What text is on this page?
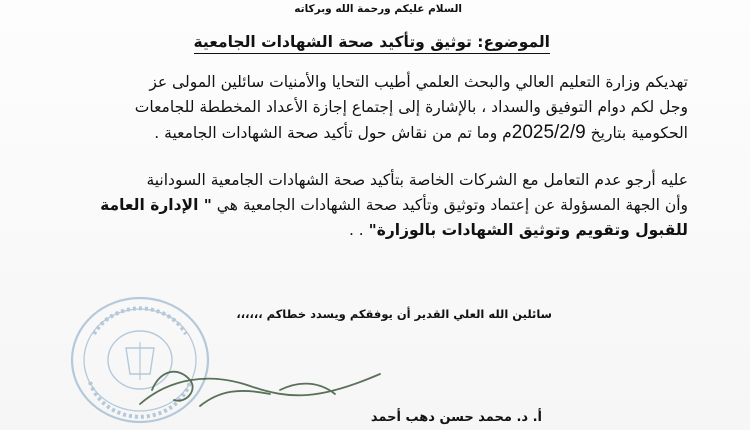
السلام عليكم ورحمة الله وبركاته
الموضوع: توثيق وتأكيد صحة الشهادات الجامعية

تهديكم وزارة التعليم العالي والبحث العلمي أطيب التحايا والأمنيات سائلين المولى عز
وجل لكم دوام التوفيق والسداد ، بالإشارة إلى إجتماع إجازة الأعداد المخططة للجامعات
الحكومية بتاريخ 2025/2/9م وما تم من نقاش حول تأكيد صحة الشهادات الجامعية .

عليه أرجو عدم التعامل مع الشركات الخاصة بتأكيد صحة الشهادات الجامعية السودانية
وأن الجهة المسؤولة عن إعتماد وتوثيق وتأكيد صحة الشهادات الجامعية هي " الإدارة العامة
للقبول وتقويم وتوثيق الشهادات بالوزارة" . .

سائلين الله العلي القدير أن يوفقكم ويسدد خطاكم ،،،،،،
أ. د. محمد حسن دهب أحمد
